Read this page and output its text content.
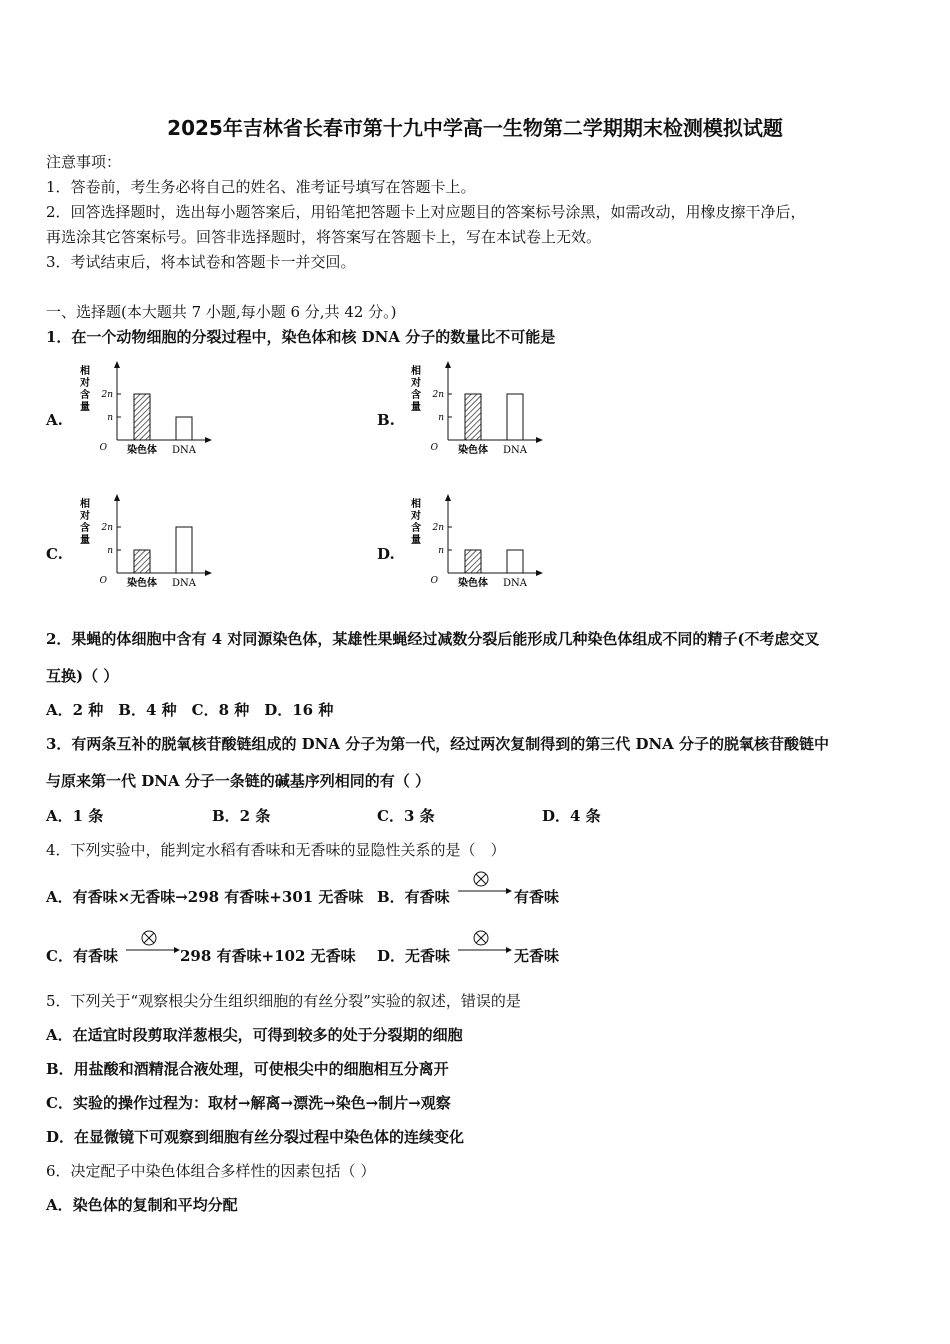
2025年吉林省长春市第十九中学高一生物第二学期期末检测模拟试题
注意事项：
1．答卷前，考生务必将自己的姓名、准考证号填写在答题卡上。
2．回答选择题时，选出每小题答案后，用铅笔把答题卡上对应题目的答案标号涂黑，如需改动，用橡皮擦干净后，
再选涂其它答案标号。回答非选择题时，将答案写在答题卡上，写在本试卷上无效。
3．考试结束后，将本试卷和答题卡一并交回。
一、选择题(本大题共 7 小题,每小题 6 分,共 42 分。)
1．在一个动物细胞的分裂过程中，染色体和核 DNA 分子的数量比不可能是
A.	B.
C.	D.
相
对
含
量
2n
n
O 染色体 DNA
相
对
含
量
2n
n
O 染色体 DNA
相
对
含
量
2n
n
O 染色体 DNA
相
对
含
量
2n
n
O 染色体 DNA
2．果蝇的体细胞中含有 4 对同源染色体，某雄性果蝇经过减数分裂后能形成几种染色体组成不同的精子(不考虑交叉
互换)（ ）
A．2 种　B．4 种　C．8 种　D．16 种
3．有两条互补的脱氧核苷酸链组成的 DNA 分子为第一代，经过两次复制得到的第三代 DNA 分子的脱氧核苷酸链中
与原来第一代 DNA 分子一条链的碱基序列相同的有（ ）
A．1 条	B．2 条	C．3 条	D．4 条
4．下列实验中，能判定水稻有香味和无香味的显隐性关系的是（　）
A．有香味×无香味→298 有香味+301 无香味 B．有香味	有香味
C．有香味	298 有香味+102 无香味 D．无香味	无香味
5．下列关于“观察根尖分生组织细胞的有丝分裂”实验的叙述，错误的是
A．在适宜时段剪取洋葱根尖，可得到较多的处于分裂期的细胞
B．用盐酸和酒精混合液处理，可使根尖中的细胞相互分离开
C．实验的操作过程为：取材→解离→漂洗→染色→制片→观察
D．在显微镜下可观察到细胞有丝分裂过程中染色体的连续变化
6．决定配子中染色体组合多样性的因素包括（ ）
A．染色体的复制和平均分配
